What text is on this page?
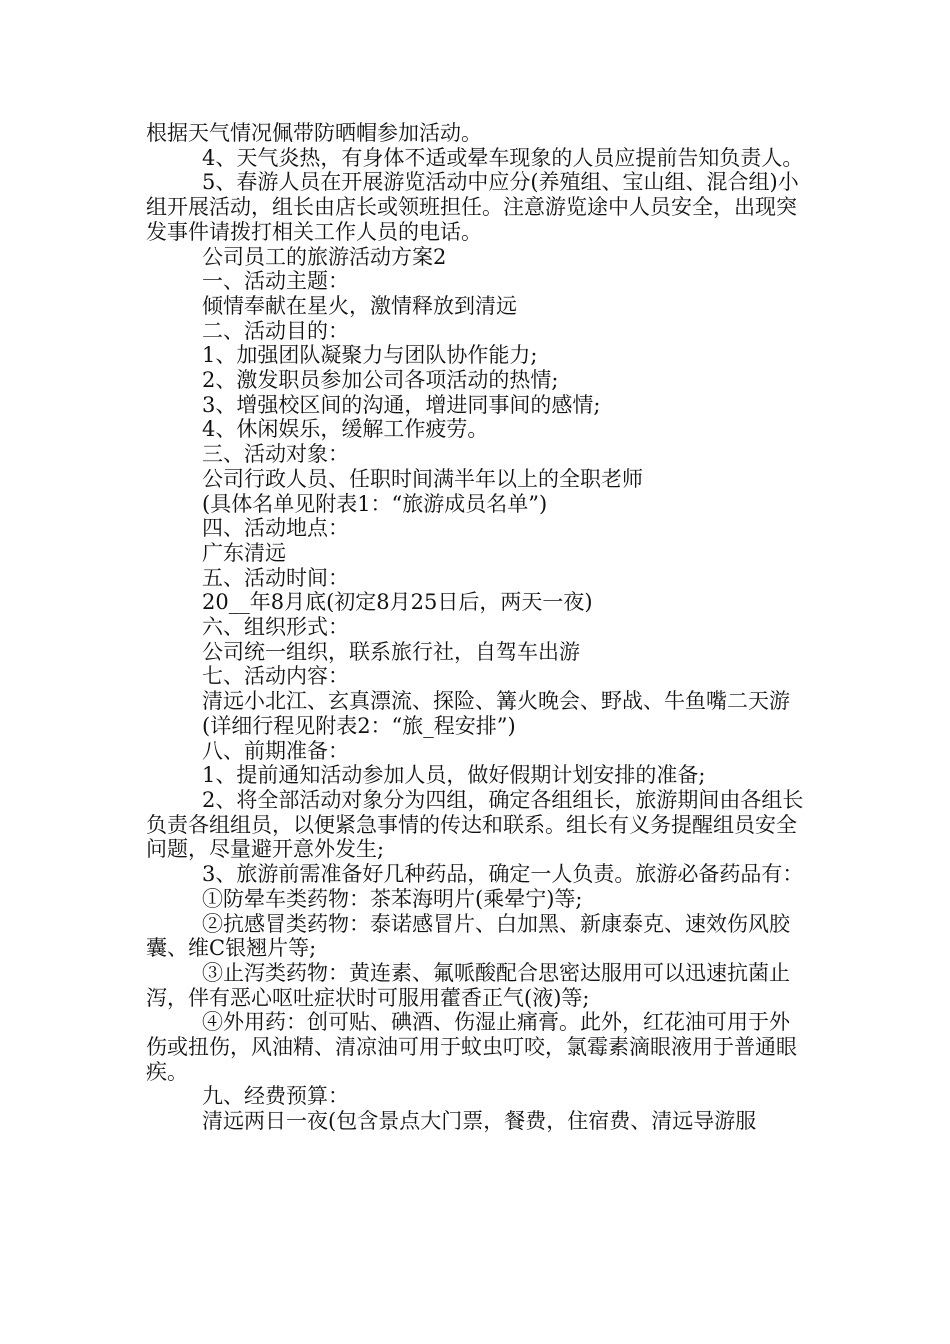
根据天气情况佩带防晒帽参加活动。

4、天气炎热，有身体不适或晕车现象的人员应提前告知负责人。

5、春游人员在开展游览活动中应分(养殖组、宝山组、混合组)小组开展活动，组长由店长或领班担任。注意游览途中人员安全，出现突发事件请拨打相关工作人员的电话。

公司员工的旅游活动方案2

一、活动主题：

倾情奉献在星火，激情释放到清远

二、活动目的：

1、加强团队凝聚力与团队协作能力;

2、激发职员参加公司各项活动的热情;

3、增强校区间的沟通，增进同事间的感情;

4、休闲娱乐，缓解工作疲劳。

三、活动对象：

公司行政人员、任职时间满半年以上的全职老师

(具体名单见附表1：“旅游成员名单”)

四、活动地点：

广东清远

五、活动时间：

20__年8月底(初定8月25日后，两天一夜)

六、组织形式：

公司统一组织，联系旅行社，自驾车出游

七、活动内容：

清远小北江、玄真漂流、探险、篝火晚会、野战、牛鱼嘴二天游

(详细行程见附表2：“旅_程安排”)

八、前期准备：

1、提前通知活动参加人员，做好假期计划安排的准备;

2、将全部活动对象分为四组，确定各组组长，旅游期间由各组长负责各组组员，以便紧急事情的传达和联系。组长有义务提醒组员安全问题，尽量避开意外发生;

3、旅游前需准备好几种药品，确定一人负责。旅游必备药品有：

①防晕车类药物：茶苯海明片(乘晕宁)等;

②抗感冒类药物：泰诺感冒片、白加黑、新康泰克、速效伤风胶囊、维C银翘片等;

③止泻类药物：黄连素、氟哌酸配合思密达服用可以迅速抗菌止泻，伴有恶心呕吐症状时可服用藿香正气(液)等;

④外用药：创可贴、碘酒、伤湿止痛膏。此外，红花油可用于外伤或扭伤，风油精、清凉油可用于蚊虫叮咬，氯霉素滴眼液用于普通眼疾。

九、经费预算：

清远两日一夜(包含景点大门票，餐费，住宿费、清远导游服
